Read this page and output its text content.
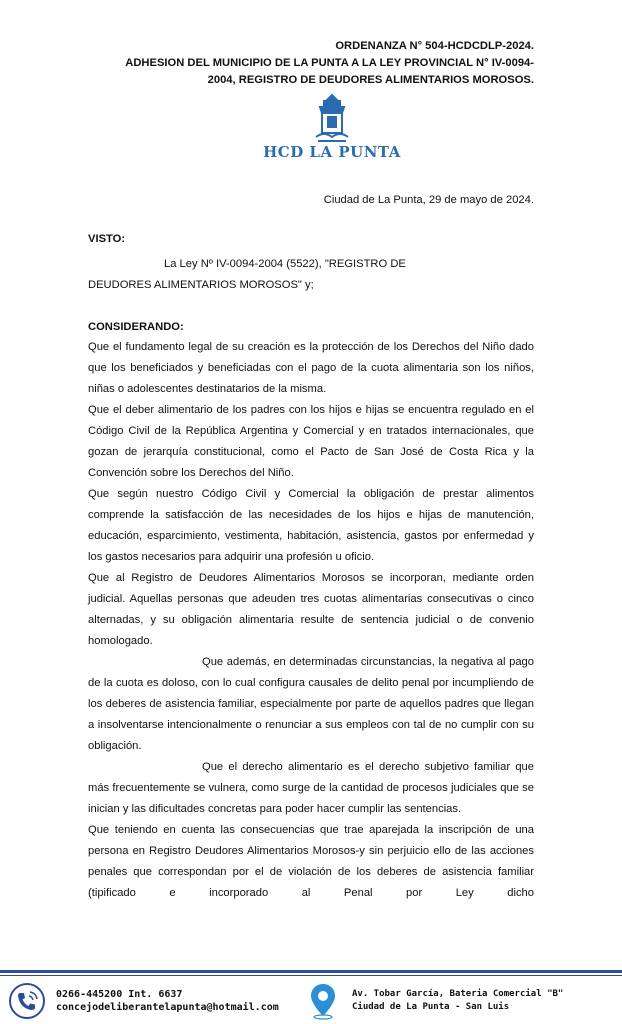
ORDENANZA N° 504-HCDCDLP-2024.
ADHESION DEL MUNICIPIO DE LA PUNTA A LA LEY PROVINCIAL N° IV-0094-
2004, REGISTRO DE DEUDORES ALIMENTARIOS MOROSOS.
HCD LA PUNTA
Ciudad de La Punta, 29 de mayo de 2024.
VISTO:

La Ley Nº IV-0094-2004 (5522), "REGISTRO DE

DEUDORES ALIMENTARIOS MOROSOS" y;

CONSIDERANDO:

Que el fundamento legal de su creación es la protección de los Derechos del Niño dado que los beneficiados y beneficiadas con el pago de la cuota alimentaria son los niños, niñas o adolescentes destinatarios de la misma.

Que el deber alimentario de los padres con los hijos e hijas se encuentra regulado en el Código Civil de la República Argentina y Comercial y en tratados internacionales, que gozan de jerarquía constitucional, como el Pacto de San José de Costa Rica y la Convención sobre los Derechos del Niño.

Que según nuestro Código Civil y Comercial la obligación de prestar alimentos comprende la satisfacción de las necesidades de los hijos e hijas de manutención, educación, esparcimiento, vestimenta, habitación, asistencia, gastos por enfermedad y los gastos necesarios para adquirir una profesión u oficio.

Que al Registro de Deudores Alimentarios Morosos se incorporan, mediante orden judicial. Aquellas personas que adeuden tres cuotas alimentarias consecutivas o cinco alternadas, y su obligación alimentaria resulte de sentencia judicial o de convenio homologado.

Que además, en determinadas circunstancias, la negativa al pago de la cuota es doloso, con lo cual configura causales de delito penal por incumpliendo de los deberes de asistencia familiar, especialmente por parte de aquellos padres que llegan a insolventarse intencionalmente o renunciar a sus empleos con tal de no cumplir con su obligación.

Que el derecho alimentario es el derecho subjetivo familiar que más frecuentemente se vulnera, como surge de la cantidad de procesos judiciales que se inician y las dificultades concretas para poder hacer cumplir las sentencias.

Que teniendo en cuenta las consecuencias que trae aparejada la inscripción de una persona en Registro Deudores Alimentarios Morosos-y sin perjuicio ello de las acciones penales que correspondan por el de violación de los deberes de asistencia familiar (tipificado e incorporado al Penal por Ley dicho

0266-445200 Int. 6637
concejodeliberantelapunta@hotmail.com
Av. Tobar García, Bateria Comercial "B"
Ciudad de La Punta - San Luis
